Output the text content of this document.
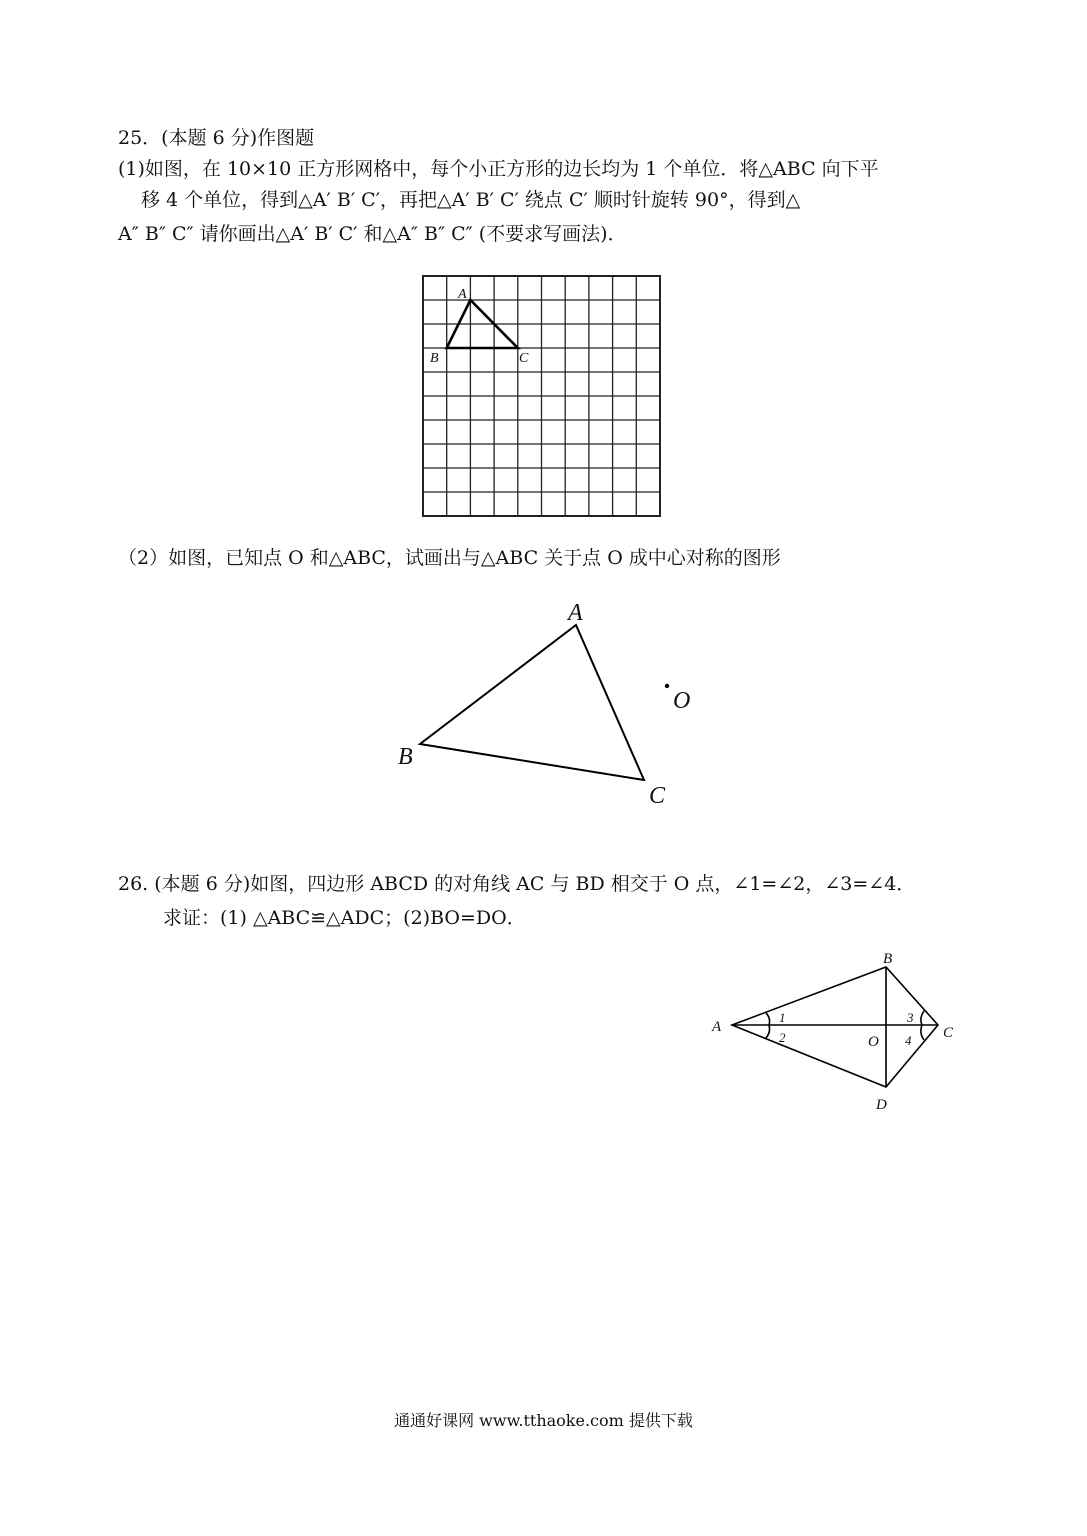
25．(本题 6 分)作图题
(1)如图，在 10×10 正方形网格中，每个小正方形的边长均为 1 个单位．将△ABC 向下平
移 4 个单位，得到△A′ B′ C′，再把△A′ B′ C′ 绕点 C′ 顺时针旋转 90°，得到△
A″ B″ C″ 请你画出△A′ B′ C′ 和△A″ B″ C″ (不要求写画法)．
A
B	C
（2）如图，已知点 O 和△ABC，试画出与△ABC 关于点 O 成中心对称的图形
A
B
C
O
26. (本题 6 分)如图，四边形 ABCD 的对角线 AC 与 BD 相交于 O 点，∠1=∠2，∠3=∠4．
求证：(1) △ABC≌△ADC；(2)BO=DO．
A
B
C
D
O
1
2
3
4
通通好课网 www.tthaoke.com 提供下载
